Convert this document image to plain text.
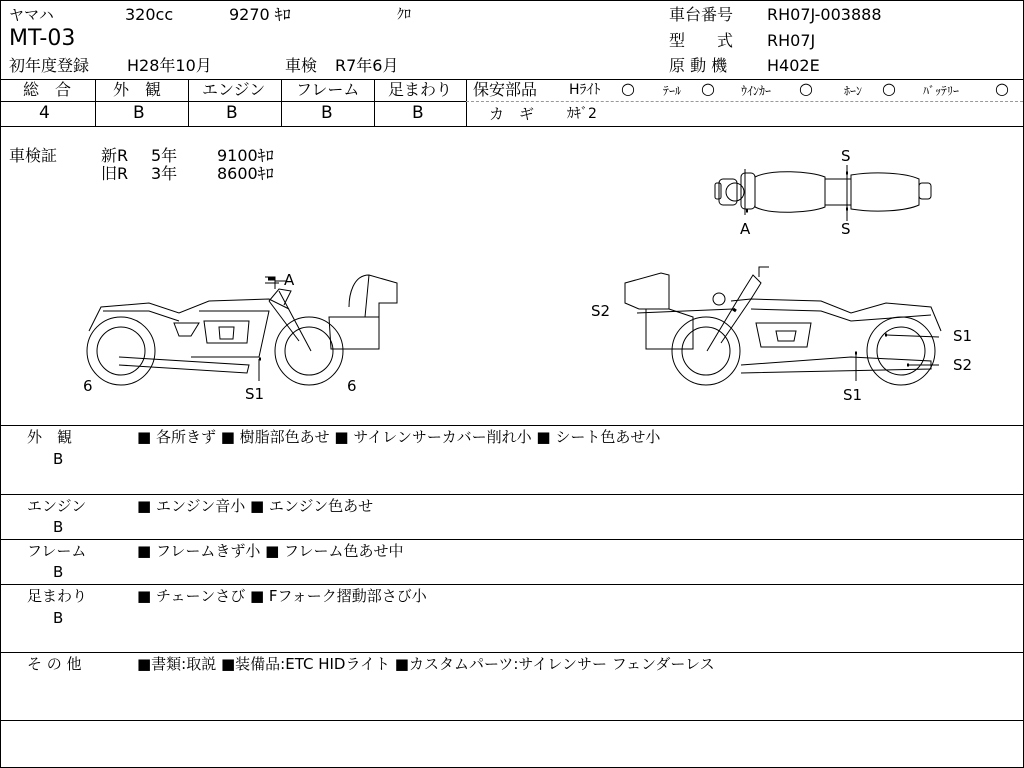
ヤマハ	320cc	9270 ｷﾛ	ｸﾛ
MT-03
初年度登録 H28年10月	車検 R7年6月
車台番号 RH07J-003888
型　　式 RH07J
原 動 機 H402E
総　合
4
外　観
B
エンジン
B
フレーム
B
足まわり
B
保安部品 Hﾗｲﾄ ○ ﾃｰﾙ ○ ｳｲﾝｶｰ ○	ﾎｰﾝ ○ ﾊﾞｯﾃﾘｰ ○
カ　ギ ｶｷﾞ2
車検証	新R 5年 9100ｷﾛ
旧R 3年 8600ｷﾛ
S
A	S
A
6	S1	6
S2
S1
S2
S1
外　観
B
■ 各所きず ■ 樹脂部色あせ ■ サイレンサーカバー削れ小 ■ シート色あせ小
エンジン
B
■ エンジン音小 ■ エンジン色あせ
フレーム
B
■ フレームきず小 ■ フレーム色あせ中
足まわり
B
■ チェーンさび ■ Fフォーク摺動部さび小
そ の 他	■書類:取説 ■装備品:ETC HIDライト ■カスタムパーツ:サイレンサー フェンダーレス
